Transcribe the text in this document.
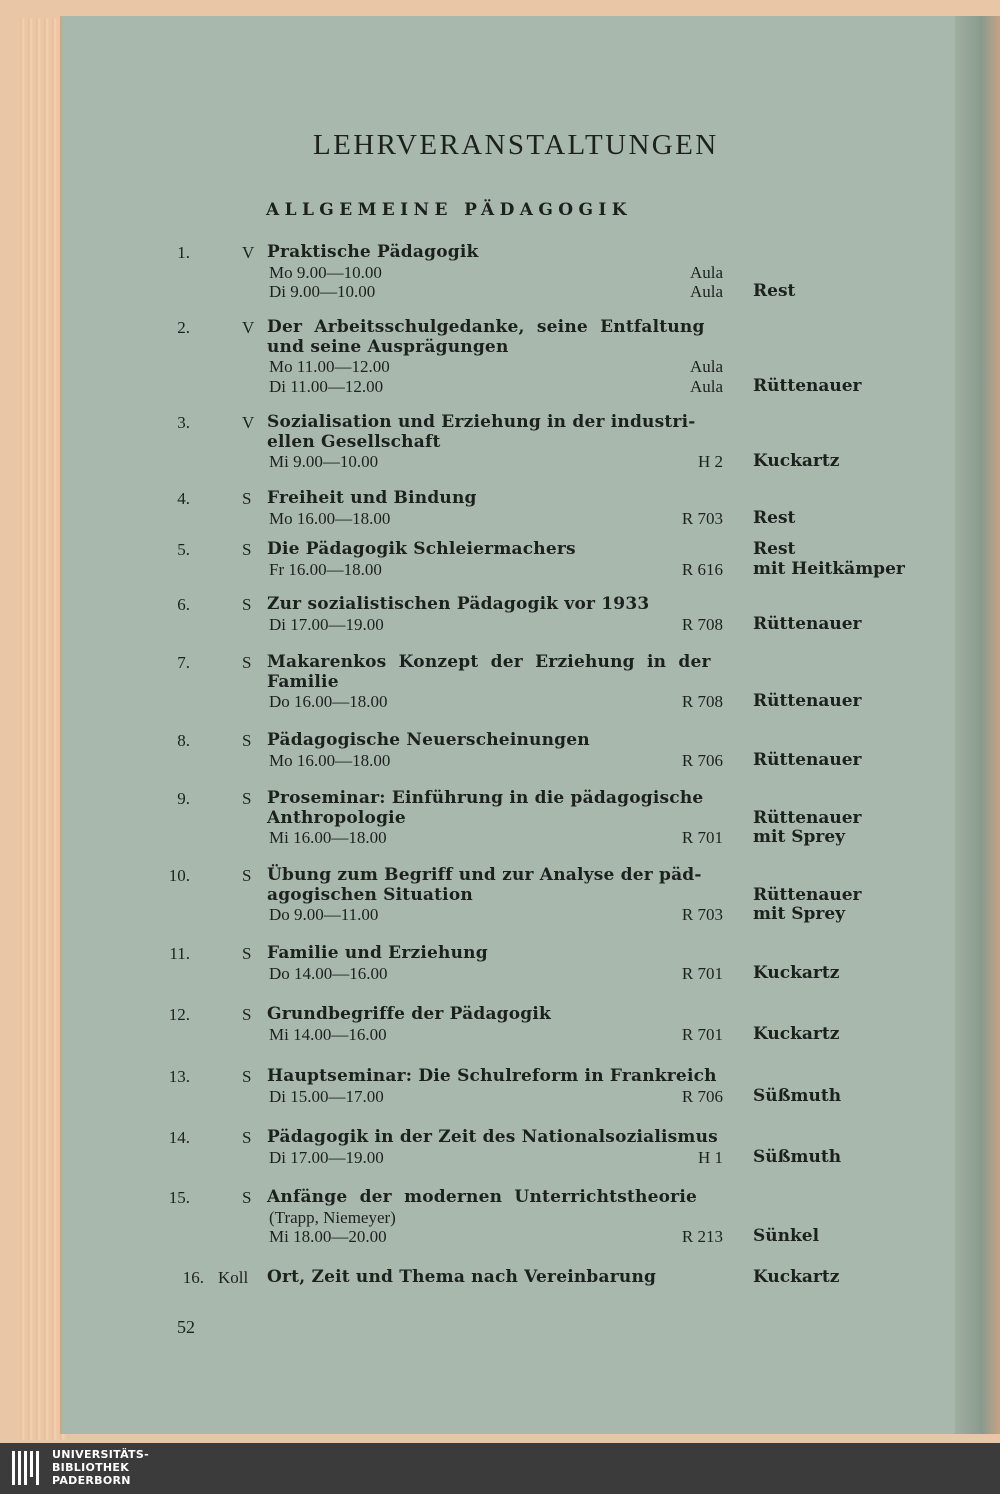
LEHRVERANSTALTUNGEN
ALLGEMEINE PÄDAGOGIK
1.	V Praktische Pädagogik
Mo 9.00—10.00	Aula
Di 9.00—10.00	Aula Rest
2.	V Der  Arbeitsschulgedanke,  seine  Entfaltung
und seine Ausprägungen
Mo 11.00—12.00	Aula
Di 11.00—12.00	Aula Rüttenauer
3.	V Sozialisation und Erziehung in der industri-
ellen Gesellschaft
Mi 9.00—10.00	H 2 Kuckartz
4.	S Freiheit und Bindung
Mo 16.00—18.00	R 703 Rest
5.	S Die Pädagogik Schleiermachers	Rest
Fr 16.00—18.00	R 616 mit Heitkämper
6.	S Zur sozialistischen Pädagogik vor 1933
Di 17.00—19.00	R 708 Rüttenauer
7.	S Makarenkos  Konzept  der  Erziehung  in  der
Familie
Do 16.00—18.00	R 708 Rüttenauer
8.	S Pädagogische Neuerscheinungen
Mo 16.00—18.00	R 706 Rüttenauer
9.	S Proseminar: Einführung in die pädagogische
Anthropologie	Rüttenauer
Mi 16.00—18.00	R 701 mit Sprey
10.	S Übung zum Begriff und zur Analyse der päd-
agogischen Situation	Rüttenauer
Do 9.00—11.00	R 703 mit Sprey
11.	S Familie und Erziehung
Do 14.00—16.00	R 701 Kuckartz
12.	S Grundbegriffe der Pädagogik
Mi 14.00—16.00	R 701 Kuckartz
13.	S Hauptseminar: Die Schulreform in Frankreich
Di 15.00—17.00	R 706 Süßmuth
14.	S Pädagogik in der Zeit des Nationalsozialismus
Di 17.00—19.00	H 1 Süßmuth
15.	S Anfänge  der  modernen  Unterrichtstheorie
(Trapp, Niemeyer)
Mi 18.00—20.00	R 213 Sünkel
16. Koll Ort, Zeit und Thema nach Vereinbarung	Kuckartz
52
UNIVERSITÄTS-
BIBLIOTHEK
PADERBORN
